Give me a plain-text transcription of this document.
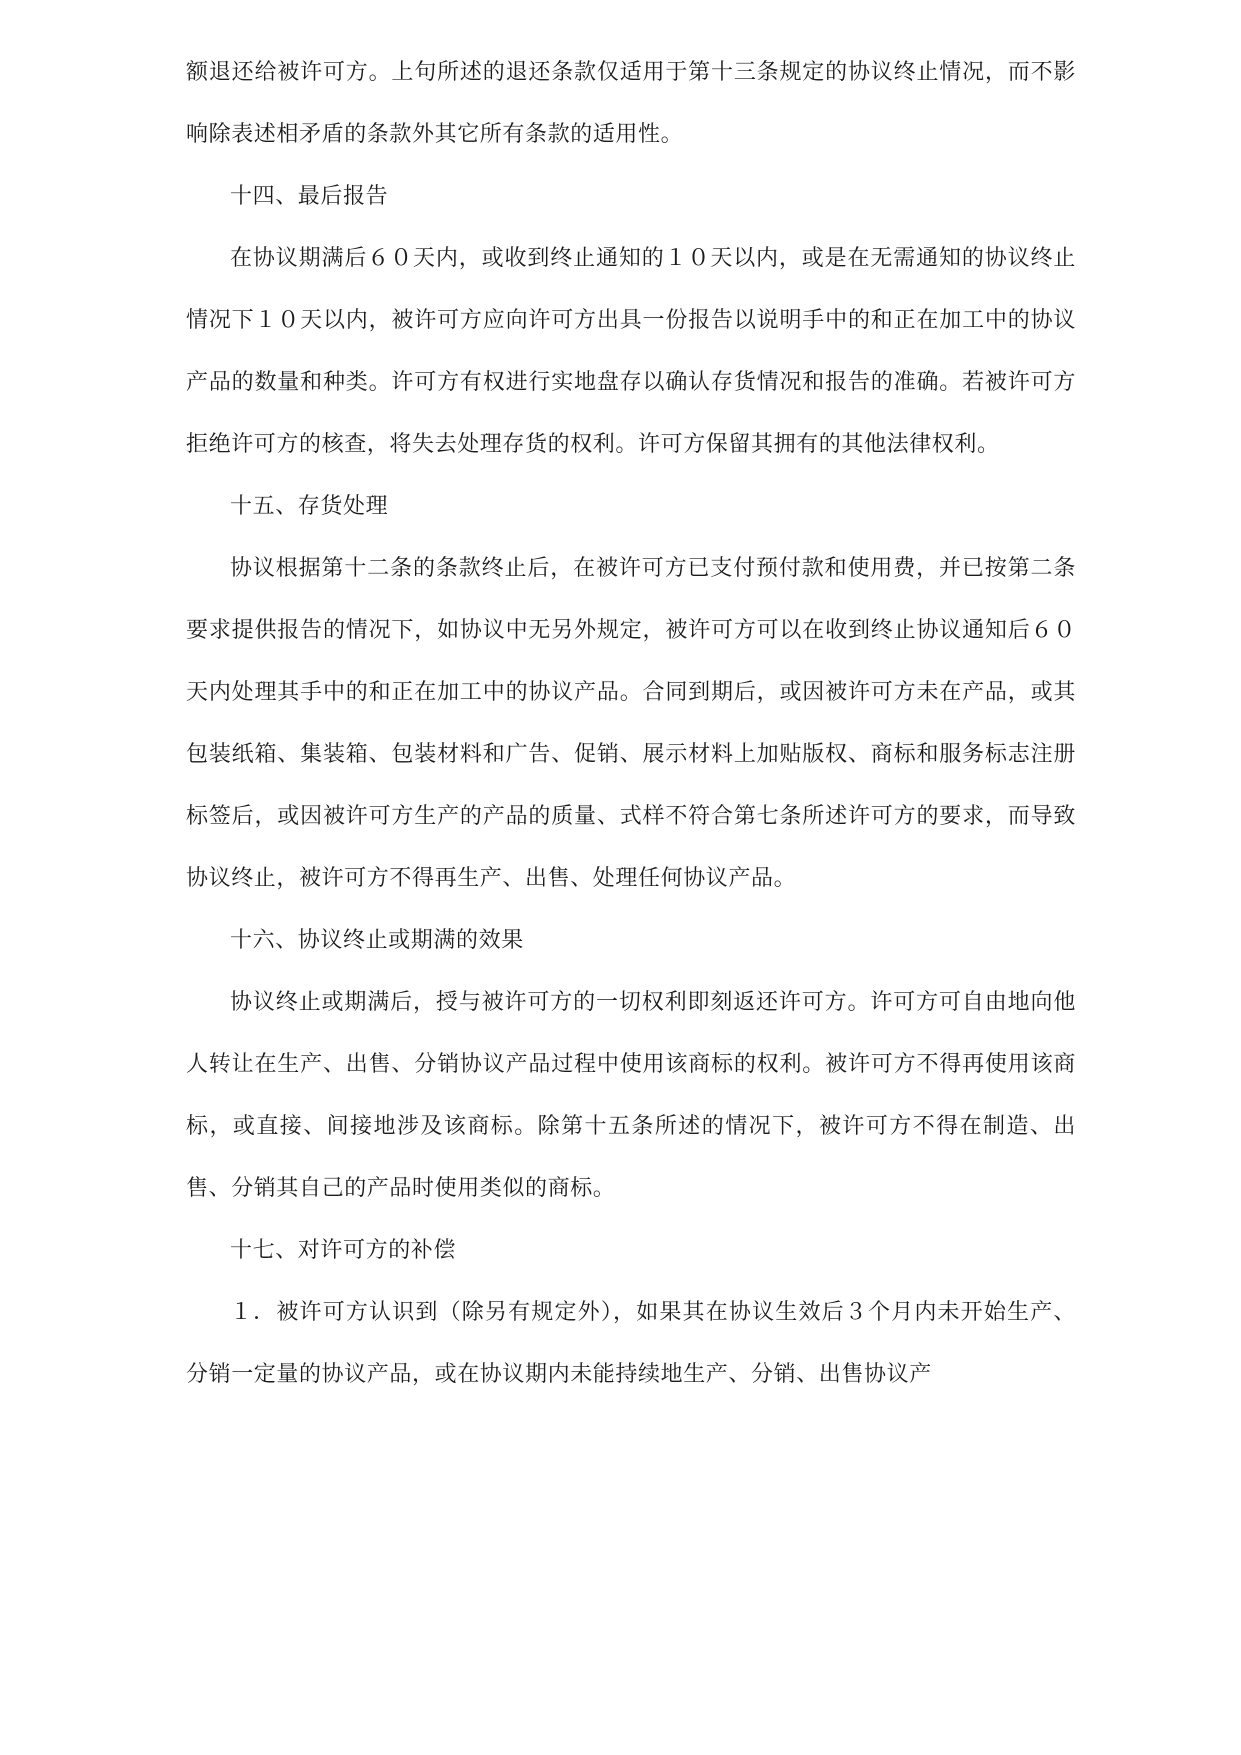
额退还给被许可方。上句所述的退还条款仅适用于第十三条规定的协议终止情况，而不影响除表述相矛盾的条款外其它所有条款的适用性。

十四、最后报告

在协议期满后６０天内，或收到终止通知的１０天以内，或是在无需通知的协议终止情况下１０天以内，被许可方应向许可方出具一份报告以说明手中的和正在加工中的协议产品的数量和种类。许可方有权进行实地盘存以确认存货情况和报告的准确。若被许可方拒绝许可方的核查，将失去处理存货的权利。许可方保留其拥有的其他法律权利。

十五、存货处理

协议根据第十二条的条款终止后，在被许可方已支付预付款和使用费，并已按第二条要求提供报告的情况下，如协议中无另外规定，被许可方可以在收到终止协议通知后６０天内处理其手中的和正在加工中的协议产品。合同到期后，或因被许可方未在产品，或其包装纸箱、集装箱、包装材料和广告、促销、展示材料上加贴版权、商标和服务标志注册标签后，或因被许可方生产的产品的质量、式样不符合第七条所述许可方的要求，而导致协议终止，被许可方不得再生产、出售、处理任何协议产品。

十六、协议终止或期满的效果

协议终止或期满后，授与被许可方的一切权利即刻返还许可方。许可方可自由地向他人转让在生产、出售、分销协议产品过程中使用该商标的权利。被许可方不得再使用该商标，或直接、间接地涉及该商标。除第十五条所述的情况下，被许可方不得在制造、出售、分销其自己的产品时使用类似的商标。

十七、对许可方的补偿

１．被许可方认识到（除另有规定外），如果其在协议生效后３个月内未开始生产、分销一定量的协议产品，或在协议期内未能持续地生产、分销、出售协议产
